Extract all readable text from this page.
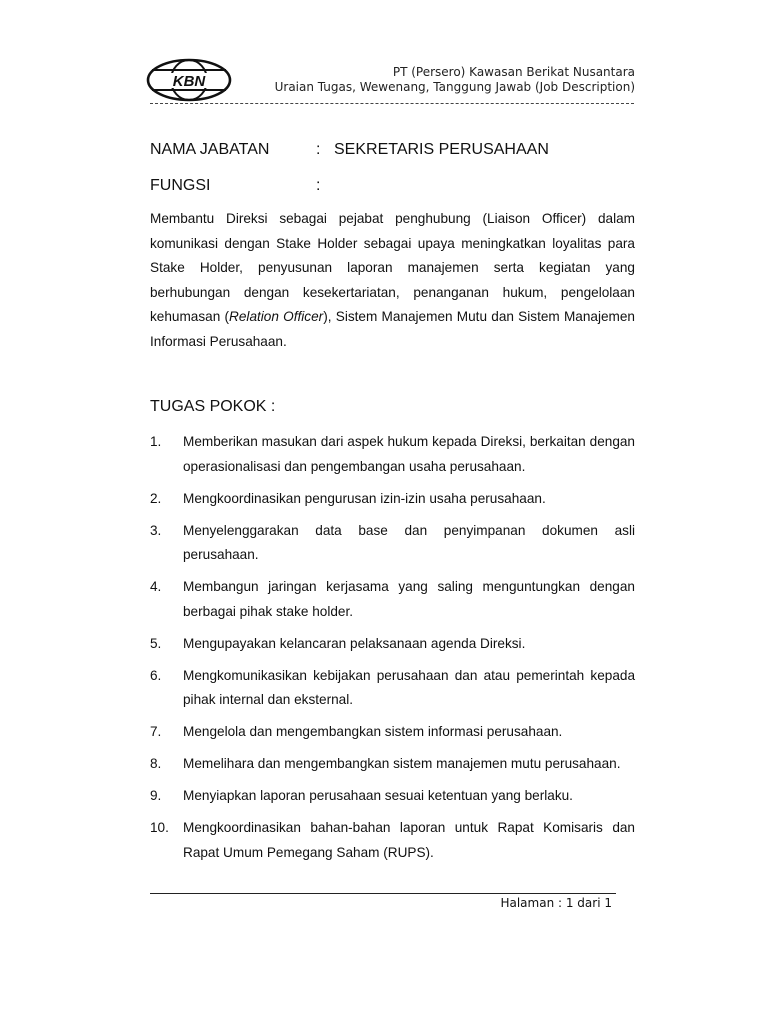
KBN
PT (Persero) Kawasan Berikat Nusantara
Uraian Tugas, Wewenang, Tanggung Jawab (Job Description)
NAMA JABATAN	: SEKRETARIS PERUSAHAAN
FUNGSI	:
Membantu Direksi sebagai pejabat penghubung (Liaison Officer) dalam komunikasi dengan Stake Holder sebagai upaya meningkatkan loyalitas para Stake Holder, penyusunan laporan manajemen serta kegiatan yang berhubungan dengan kesekertariatan, penanganan hukum, pengelolaan kehumasan (Relation Officer), Sistem Manajemen Mutu dan Sistem Manajemen Informasi Perusahaan.
TUGAS POKOK :
1.	Memberikan masukan dari aspek hukum kepada Direksi, berkaitan dengan operasionalisasi dan pengembangan usaha perusahaan.
2.	Mengkoordinasikan pengurusan izin-izin usaha perusahaan.
3.	Menyelenggarakan data base dan penyimpanan dokumen asli perusahaan.
4.	Membangun jaringan kerjasama yang saling menguntungkan dengan berbagai pihak stake holder.
5.	Mengupayakan kelancaran pelaksanaan agenda Direksi.
6.	Mengkomunikasikan kebijakan perusahaan dan atau pemerintah kepada pihak internal dan eksternal.
7.	Mengelola dan mengembangkan sistem informasi perusahaan.
8.	Memelihara dan mengembangkan sistem manajemen mutu perusahaan.
9.	Menyiapkan laporan perusahaan sesuai ketentuan yang berlaku.
10.	Mengkoordinasikan bahan-bahan laporan untuk Rapat Komisaris dan Rapat Umum Pemegang Saham (RUPS).
Halaman : 1 dari 1
